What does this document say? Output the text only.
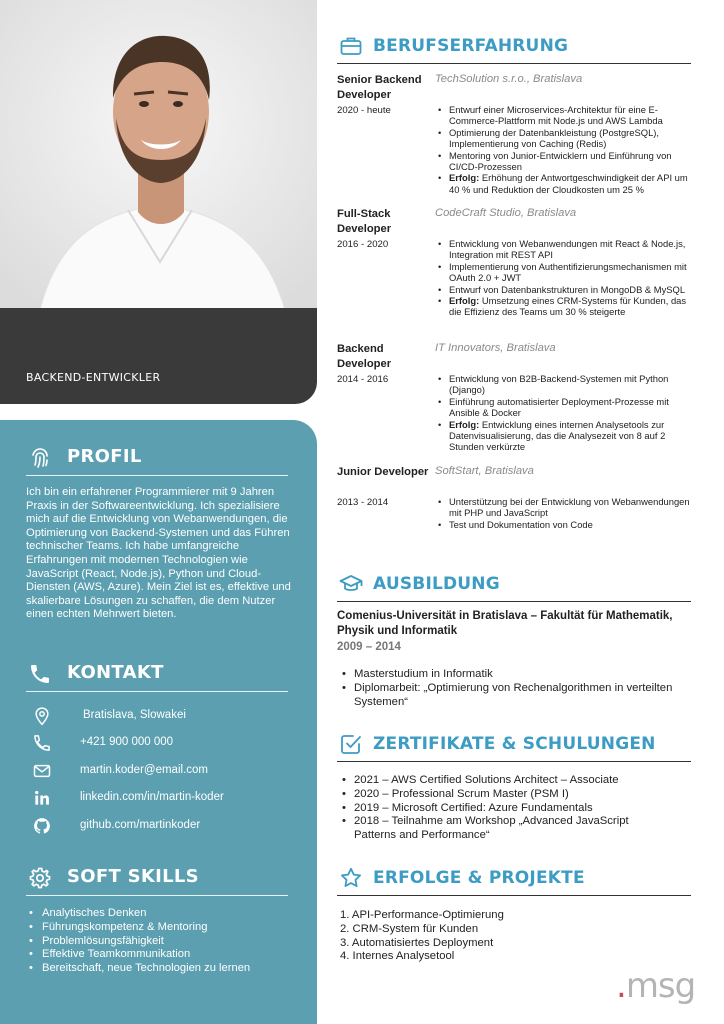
BACKEND-ENTWICKLER
PROFIL
Ich bin ein erfahrener Programmierer mit 9 Jahren Praxis in der Softwareentwicklung. Ich spezialisiere mich auf die Entwicklung von Webanwendungen, die Optimierung von Backend-Systemen und das Führen technischer Teams. Ich habe umfangreiche Erfahrungen mit modernen Technologien wie JavaScript (React, Node.js), Python und Cloud-Diensten (AWS, Azure). Mein Ziel ist es, effektive und skalierbare Lösungen zu schaffen, die dem Nutzer einen echten Mehrwert bieten.
KONTAKT
Bratislava, Slowakei
+421 900 000 000
martin.koder@email.com
linkedin.com/in/martin-koder
github.com/martinkoder
SOFT SKILLS
• Analytisches Denken
• Führungskompetenz & Mentoring
• Problemlösungsfähigkeit
• Effektive Teamkommunikation
• Bereitschaft, neue Technologien zu lernen
BERUFSERFAHRUNG
Senior Backend Developer
2020 - heute
TechSolution s.r.o., Bratislava
• Entwurf einer Microservices-Architektur für eine E-Commerce-Plattform mit Node.js und AWS Lambda
• Optimierung der Datenbankleistung (PostgreSQL), Implementierung von Caching (Redis)
• Mentoring von Junior-Entwicklern und Einführung von CI/CD-Prozessen
• Erfolg: Erhöhung der Antwortgeschwindigkeit der API um 40 % und Reduktion der Cloudkosten um 25 %
Full-Stack Developer
2016 - 2020
CodeCraft Studio, Bratislava
• Entwicklung von Webanwendungen mit React & Node.js, Integration mit REST API
• Implementierung von Authentifizierungsmechanismen mit OAuth 2.0 + JWT
• Entwurf von Datenbankstrukturen in MongoDB & MySQL
• Erfolg: Umsetzung eines CRM-Systems für Kunden, das die Effizienz des Teams um 30 % steigerte
Backend Developer
2014 - 2016
IT Innovators, Bratislava
• Entwicklung von B2B-Backend-Systemen mit Python (Django)
• Einführung automatisierter Deployment-Prozesse mit Ansible & Docker
• Erfolg: Entwicklung eines internen Analysetools zur Datenvisualisierung, das die Analysezeit von 8 auf 2 Stunden verkürzte
Junior Developer
2013 - 2014
SoftStart, Bratislava
• Unterstützung bei der Entwicklung von Webanwendungen mit PHP und JavaScript
• Test und Dokumentation von Code
AUSBILDUNG
Comenius-Universität in Bratislava – Fakultät für Mathematik, Physik und Informatik
2009 – 2014
• Masterstudium in Informatik
• Diplomarbeit: „Optimierung von Rechenalgorithmen in verteilten Systemen“
ZERTIFIKATE & SCHULUNGEN
• 2021 – AWS Certified Solutions Architect – Associate
• 2020 – Professional Scrum Master (PSM I)
• 2019 – Microsoft Certified: Azure Fundamentals
• 2018 – Teilnahme am Workshop „Advanced JavaScript Patterns and Performance“
ERFOLGE & PROJEKTE
1. API-Performance-Optimierung
2. CRM-System für Kunden
3. Automatisiertes Deployment
4. Internes Analysetool
.msg
